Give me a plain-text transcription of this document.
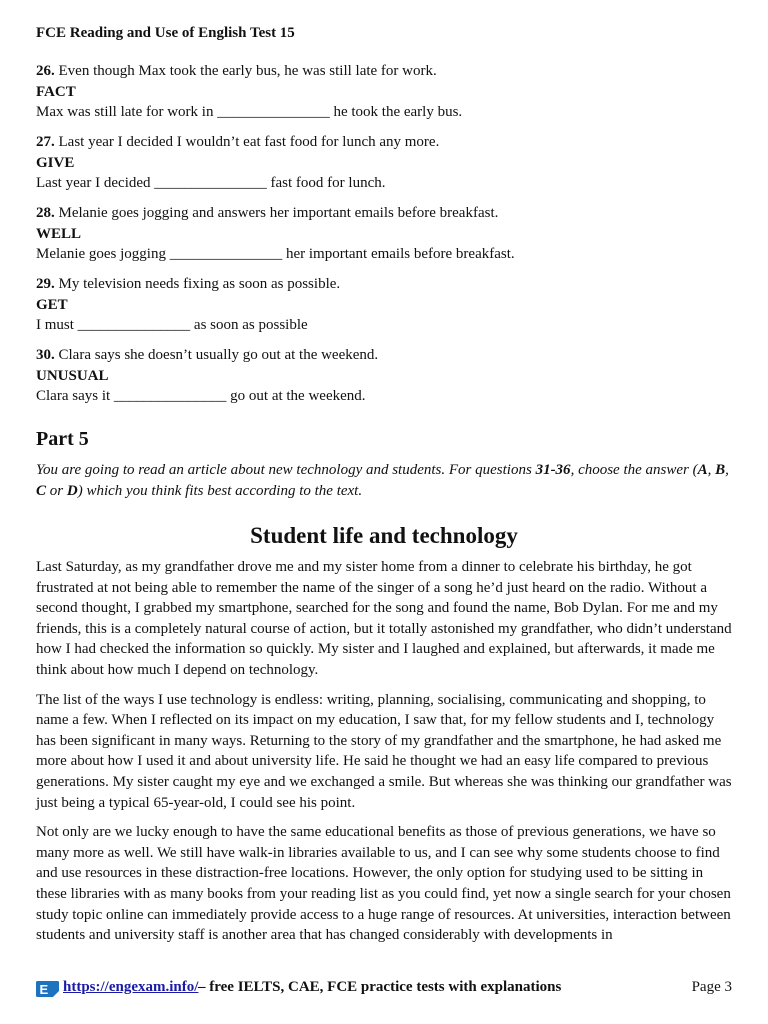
FCE Reading and Use of English Test 15
26. Even though Max took the early bus, he was still late for work.
FACT
Max was still late for work in _______________ he took the early bus.
27. Last year I decided I wouldn’t eat fast food for lunch any more.
GIVE
Last year I decided _______________ fast food for lunch.
28. Melanie goes jogging and answers her important emails before breakfast.
WELL
Melanie goes jogging _______________ her important emails before breakfast.
29. My television needs fixing as soon as possible.
GET
I must _______________ as soon as possible
30. Clara says she doesn’t usually go out at the weekend.
UNUSUAL
Clara says it _______________ go out at the weekend.
Part 5
You are going to read an article about new technology and students. For questions 31-36, choose the answer (A, B, C or D) which you think fits best according to the text.
Student life and technology

Last Saturday, as my grandfather drove me and my sister home from a dinner to celebrate his birthday, he got frustrated at not being able to remember the name of the singer of a song he’d just heard on the radio. Without a second thought, I grabbed my smartphone, searched for the song and found the name, Bob Dylan. For me and my friends, this is a completely natural course of action, but it totally astonished my grandfather, who didn’t understand how I had checked the information so quickly. My sister and I laughed and explained, but afterwards, it made me think about how much I depend on technology.

The list of the ways I use technology is endless: writing, planning, socialising, communicating and shopping, to name a few. When I reflected on its impact on my education, I saw that, for my fellow students and I, technology has been significant in many ways. Returning to the story of my grandfather and the smartphone, he had asked me more about how I used it and about university life. He said he thought we had an easy life compared to previous generations. My sister caught my eye and we exchanged a smile. But whereas she was thinking our grandfather was just being a typical 65-year-old, I could see his point.

Not only are we lucky enough to have the same educational benefits as those of previous generations, we have so many more as well. We still have walk-in libraries available to us, and I can see why some students choose to find and use resources in these distraction-free locations. However, the only option for studying used to be sitting in these libraries with as many books from your reading list as you could find, yet now a single search for your chosen study topic online can immediately provide access to a huge range of resources. At universities, interaction between students and university staff is another area that has changed considerably with developments in

E https://engexam.info/ – free IELTS, CAE, FCE practice tests with explanations	Page 3
